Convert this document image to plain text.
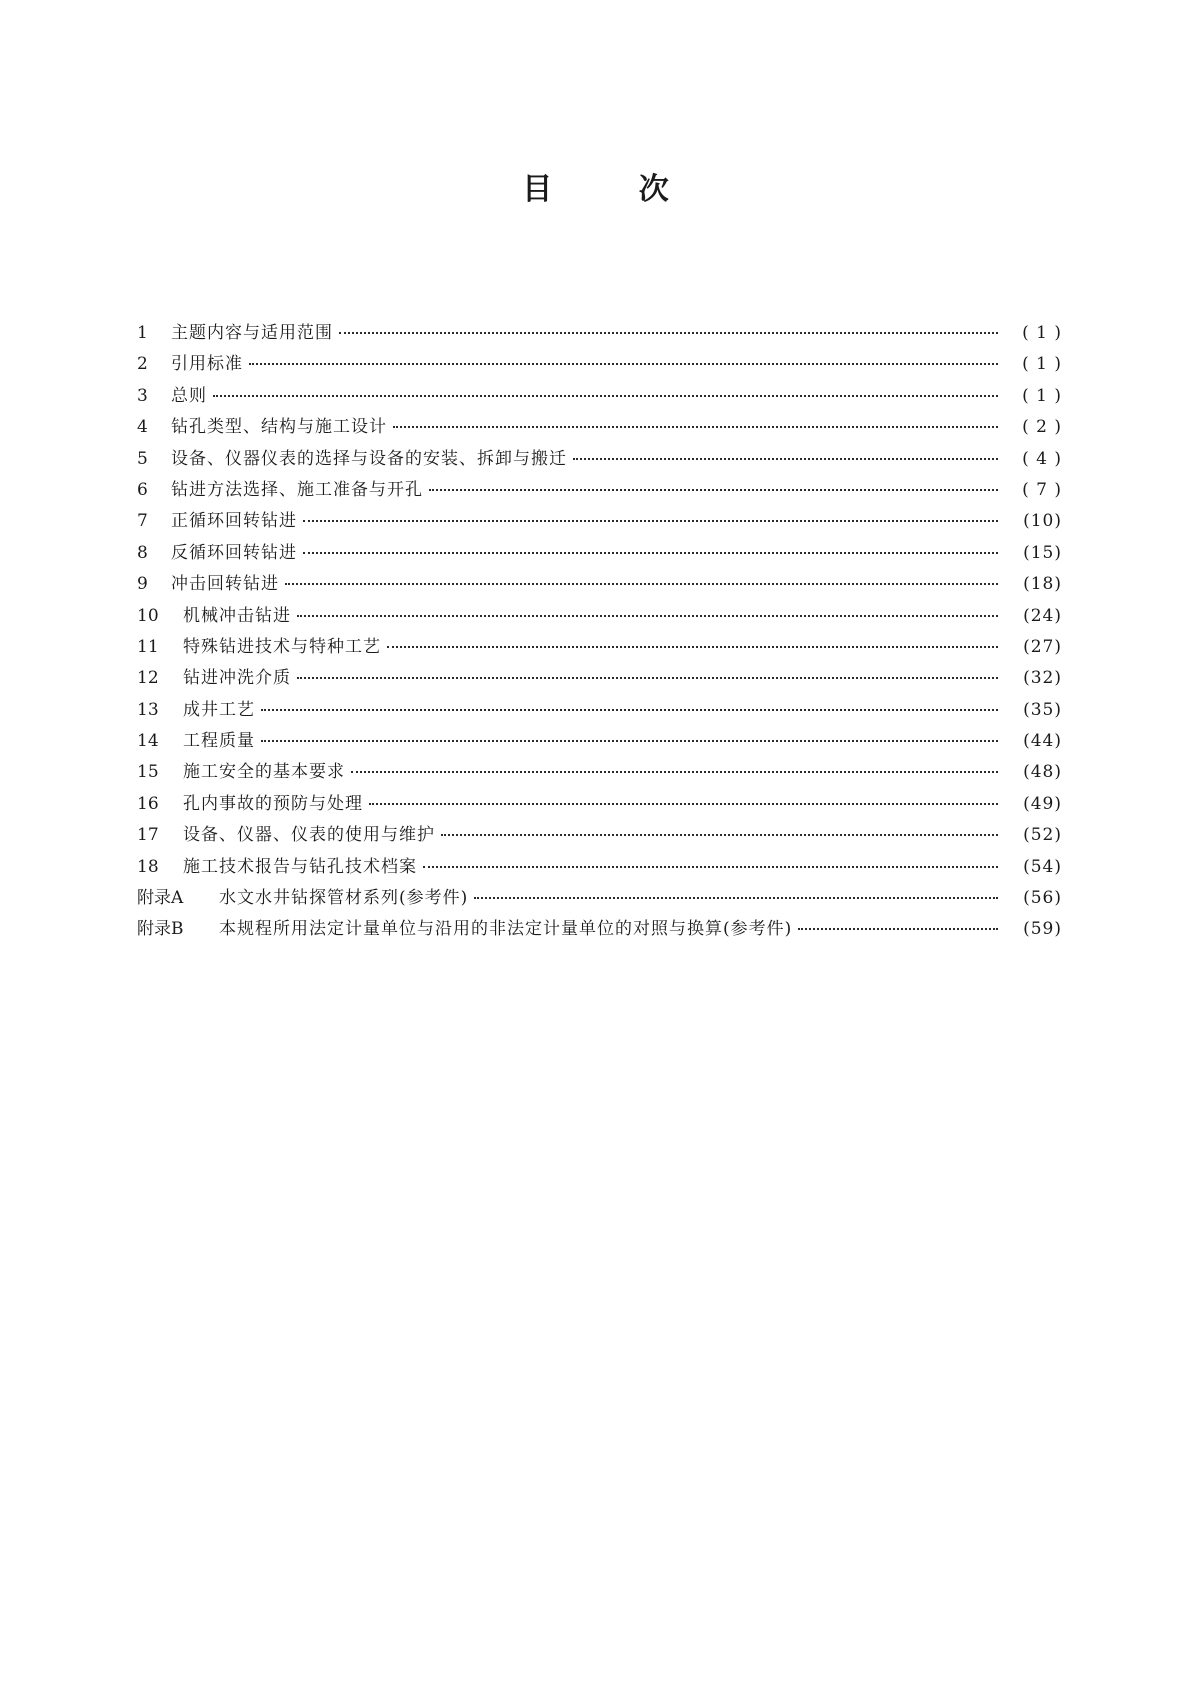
目	次
1	主题内容与适用范围	( 1 )
2	引用标准	( 1 )
3	总则	( 1 )
4	钻孔类型、结构与施工设计	( 2 )
5	设备、仪器仪表的选择与设备的安装、拆卸与搬迁	( 4 )
6	钻进方法选择、施工准备与开孔	( 7 )
7	正循环回转钻进	(10)
8	反循环回转钻进	(15)
9	冲击回转钻进	(18)
10	机械冲击钻进	(24)
11	特殊钻进技术与特种工艺	(27)
12	钻进冲洗介质	(32)
13	成井工艺	(35)
14	工程质量	(44)
15	施工安全的基本要求	(48)
16	孔内事故的预防与处理	(49)
17	设备、仪器、仪表的使用与维护	(52)
18	施工技术报告与钻孔技术档案	(54)
附录A	水文水井钻探管材系列(参考件)	(56)
附录B	本规程所用法定计量单位与沿用的非法定计量单位的对照与换算(参考件)	(59)
